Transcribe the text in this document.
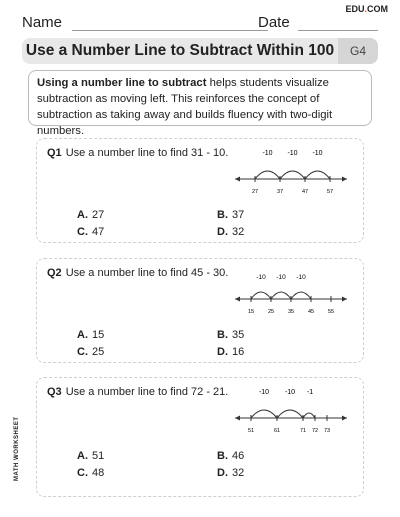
Name	Date
EDU.COM
Use a Number Line to Subtract Within 100	G4
Using a number line to subtract helps students visualize subtraction as moving left. This reinforces the concept of subtraction as taking away and builds fluency with two-digit numbers.
Q1 Use a number line to find 31 - 10.	-10 -10 -10
27	37	47	57
A. 27	B. 37
C. 47	D. 32
Q2 Use a number line to find 45 - 30.	-10 -10 -10
15	25	35	45	55
A. 15	B. 35
C. 25	D. 16
Q3 Use a number line to find 72 - 21.	-10 -10 -1
51	61	71 72 73
A. 51	B. 46
C. 48	D. 32
MATH WORKSHEET
